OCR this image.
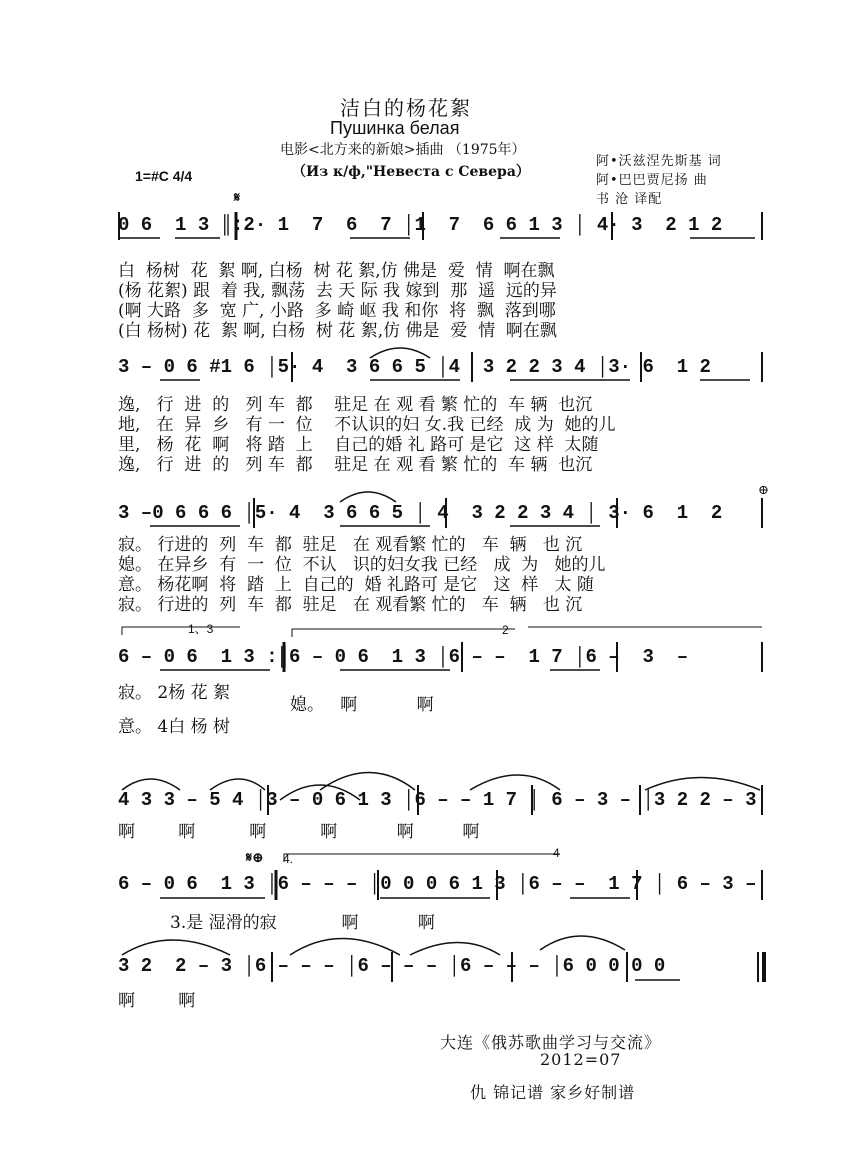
洁白的杨花絮
Пушинка белая
电影<北方来的新娘>插曲 （1975年）
（Из к/ф,"Невеста с Севера）
1=#C 4/4
阿•沃兹涅先斯基 词
阿•巴巴贾尼扬 曲
书 沧 译配
𝄋
0 6  1 3 ║:2· 1  7  6  7 │1  7  6 6 1 3 │ 4· 3  2 1 2
白  杨树  花  絮 啊, 白杨  树 花 絮,仿 佛是  爱  情  啊在飘
(杨 花絮) 跟  着 我, 飘荡  去 天 际 我 嫁到  那  遥  远的异
(啊 大路  多  宽 广, 小路  多 崎 岖 我 和你  将  飘  落到哪
(白 杨树) 花  絮 啊, 白杨  树 花 絮,仿 佛是  爱  情  啊在飘
3 – 0 6 #1 6 │5· 4  3 6 6 5 │4  3 2 2 3 4 │3· 6  1 2
逸,   行  进  的   列 车  都    驻足 在 观 看 繁 忙的  车 辆  也沉
地,   在  异  乡   有 一  位    不认识的妇 女.我 已经  成 为  她的儿
里,   杨  花  啊   将 踏  上    自己的婚 礼 路可 是它  这 样  太随
逸,   行  进  的   列 车  都    驻足 在 观 看 繁 忙的  车 辆  也沉
3 –0 6 6 6 │5· 4  3 6 6 5 │ 4  3 2 2 3 4 │ 3· 6  1  2
⊕
寂。 行进的  列  车  都  驻足   在 观看繁 忙的   车  辆   也 沉
媳。 在异乡  有  一  位  不认   识的妇女我 已经   成  为   她的儿
意。 杨花啊  将  踏  上  自己的  婚 礼路可 是它   这  样   太 随
寂。 行进的  列  车  都  驻足   在 观看繁 忙的   车  辆   也 沉
1、3	2
6 – 0 6  1 3 :║6 – 0 6  1 3 │6 – –  1 7 │6 –  3  –
寂。 2杨 花 絮
媳。   啊           啊
意。 4白 杨 树
4 3 3 – 5 4 │3 – 0 6 1 3 │6 – – 1 7 │ 6 – 3 – │3 2 2 – 3
啊        啊          啊          啊           啊         啊
𝄋⊕ 4.	4
6 – 0 6  1 3 │6 – – – │0 0 0 6 1 3 │6 – –  1 7 │ 6 – 3 –
3.是 湿滑的寂            啊           啊
3 2  2 – 3 │6 – – – │6 – – – │6 – – – │6 0 0 0 0
啊        啊
大连《俄苏歌曲学习与交流》
2012=07
仇 锦记谱 家乡好制谱
